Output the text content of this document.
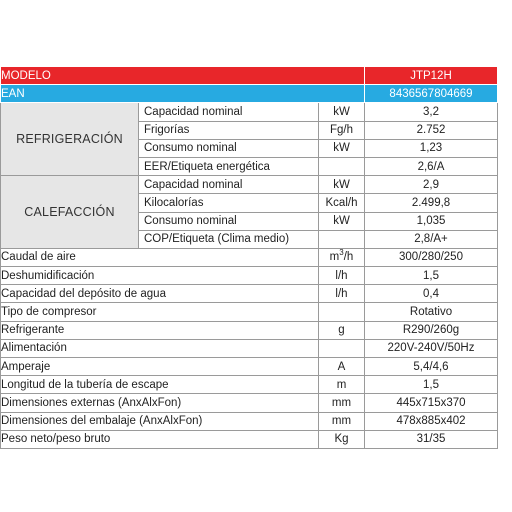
MODELO			JTP12H
EAN			8436567804669
REFRIGERACIÓN	Capacidad nominal	kW	3,2
	Frigorías	Fg/h	2.752
	Consumo nominal	kW	1,23
	EER/Etiqueta energética		2,6/A
CALEFACCIÓN	Capacidad nominal	kW	2,9
	Kilocalorías	Kcal/h	2.499,8
	Consumo nominal	kW	1,035
	COP/Etiqueta (Clima medio)		2,8/A+
Caudal de aire		$m^3/h$	300/280/250
Deshumidificación		l/h	1,5
Capacidad del depósito de agua		l/h	0,4
Tipo de compresor			Rotativo
Refrigerante		g	R290/260g
Alimentación			220V-240V/50Hz
Amperaje		A	5,4/4,6
Longitud de la tubería de escape		m	1,5
Dimensiones externas (AnxAlxFon)		mm	445x715x370
Dimensiones del embalaje (AnxAlxFon)		mm	478x885x402
Peso neto/peso bruto		Kg	31/35
